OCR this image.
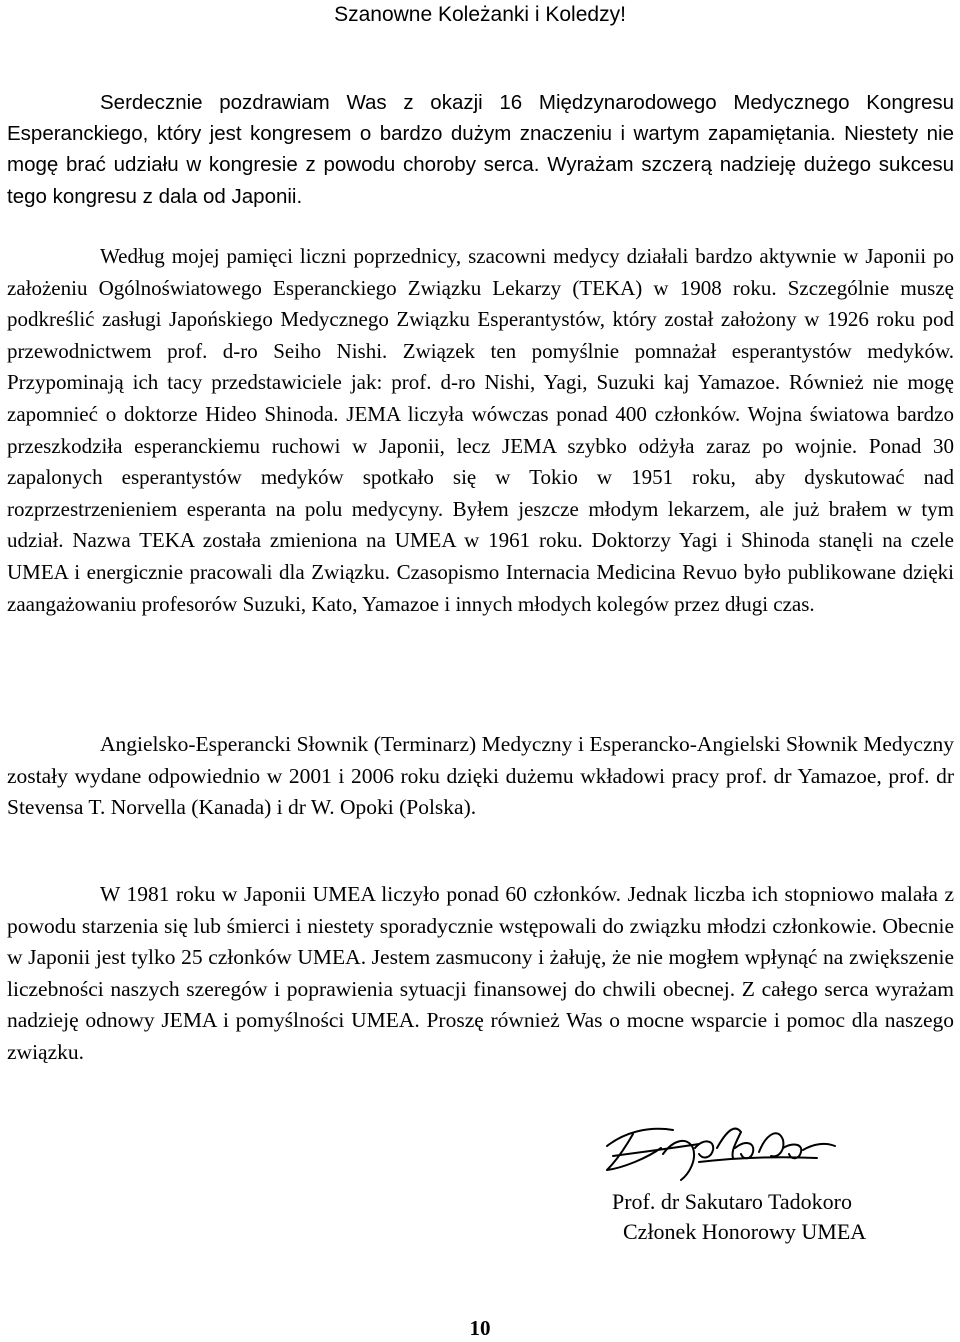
Szanowne Koleżanki i Koledzy!

Serdecznie pozdrawiam Was z okazji 16 Międzynarodowego Medycznego Kongresu Esperanckiego, który jest kongresem o bardzo dużym znaczeniu i wartym zapamiętania. Niestety nie mogę brać udziału w kongresie z powodu choroby serca. Wyrażam szczerą nadzieję dużego sukcesu tego kongresu z dala od Japonii.

Według mojej pamięci liczni poprzednicy, szacowni medycy działali bardzo aktywnie w Japonii po założeniu Ogólnoświatowego Esperanckiego Związku Lekarzy (TEKA) w 1908 roku. Szczególnie muszę podkreślić zasługi Japońskiego Medycznego Związku Esperantystów, który został założony w 1926 roku pod przewodnictwem prof. d-ro Seiho Nishi. Związek ten pomyślnie pomnażał esperantystów medyków. Przypominają ich tacy przedstawiciele jak: prof. d-ro Nishi, Yagi, Suzuki kaj Yamazoe. Również nie mogę zapomnieć o doktorze Hideo Shinoda. JEMA liczyła wówczas ponad 400 członków. Wojna światowa bardzo przeszkodziła esperanckiemu ruchowi w Japonii, lecz JEMA szybko odżyła zaraz po wojnie. Ponad 30 zapalonych esperantystów medyków spotkało się w Tokio w 1951 roku, aby dyskutować nad rozprzestrzenieniem esperanta na polu medycyny. Byłem jeszcze młodym lekarzem, ale już brałem w tym udział. Nazwa TEKA została zmieniona na UMEA w 1961 roku. Doktorzy Yagi i Shinoda stanęli na czele UMEA i energicznie pracowali dla Związku. Czasopismo Internacia Medicina Revuo było publikowane dzięki zaangażowaniu profesorów Suzuki, Kato, Yamazoe i innych młodych kolegów przez długi czas.

Angielsko-Esperancki Słownik (Terminarz) Medyczny i Esperancko-Angielski Słownik Medyczny zostały wydane odpowiednio w 2001 i 2006 roku dzięki dużemu wkładowi pracy prof. dr Yamazoe, prof. dr Stevensa T. Norvella (Kanada) i dr W. Opoki (Polska).

W 1981 roku w Japonii UMEA liczyło ponad 60 członków. Jednak liczba ich stopniowo malała z powodu starzenia się lub śmierci i niestety sporadycznie wstępowali do związku młodzi członkowie. Obecnie w Japonii jest tylko 25 członków UMEA. Jestem zasmucony i żałuję, że nie mogłem wpłynąć na zwiększenie liczebności naszych szeregów i poprawienia sytuacji finansowej do chwili obecnej. Z całego serca wyrażam nadzieję odnowy JEMA i pomyślności UMEA. Proszę również Was o mocne wsparcie i pomoc dla naszego związku.

Prof. dr Sakutaro Tadokoro

Członek Honorowy UMEA

10
